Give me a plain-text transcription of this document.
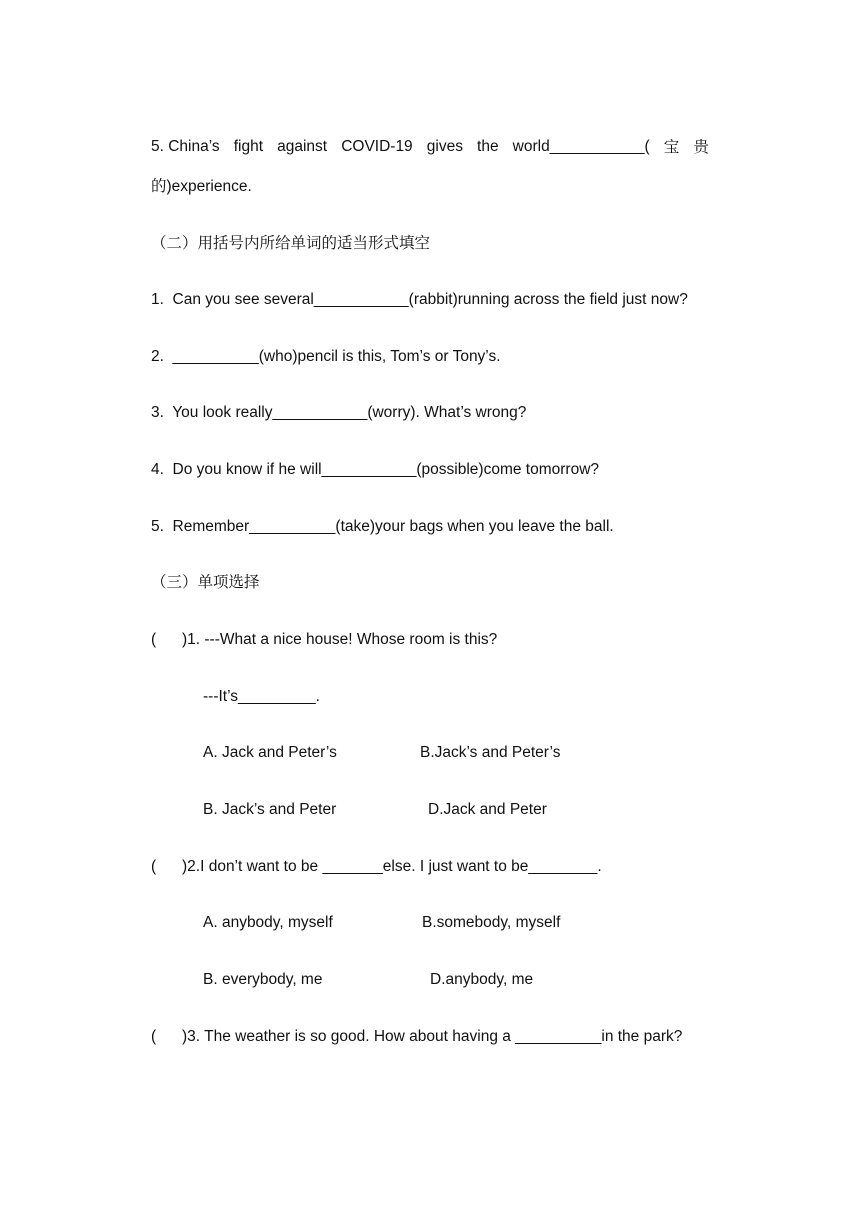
5. China’s fight against COVID-19 gives the world___________( 宝 贵
的)experience.
（二）用括号内所给单词的适当形式填空
1.  Can you see several___________(rabbit)running across the field just now?
2.  __________(who)pencil is this, Tom’s or Tony’s.
3.  You look really___________(worry). What’s wrong?
4.  Do you know if he will___________(possible)come tomorrow?
5.  Remember__________(take)your bags when you leave the ball.
（三）单项选择
( )1. ---What a nice house! Whose room is this?
---It’s_________.
A. Jack and Peter’s	B.Jack’s and Peter’s
B. Jack’s and Peter	D.Jack and Peter
( )2.I don’t want to be _______else. I just want to be________.
A. anybody, myself	B.somebody, myself
B. everybody, me	D.anybody, me
( )3. The weather is so good. How about having a __________in the park?
